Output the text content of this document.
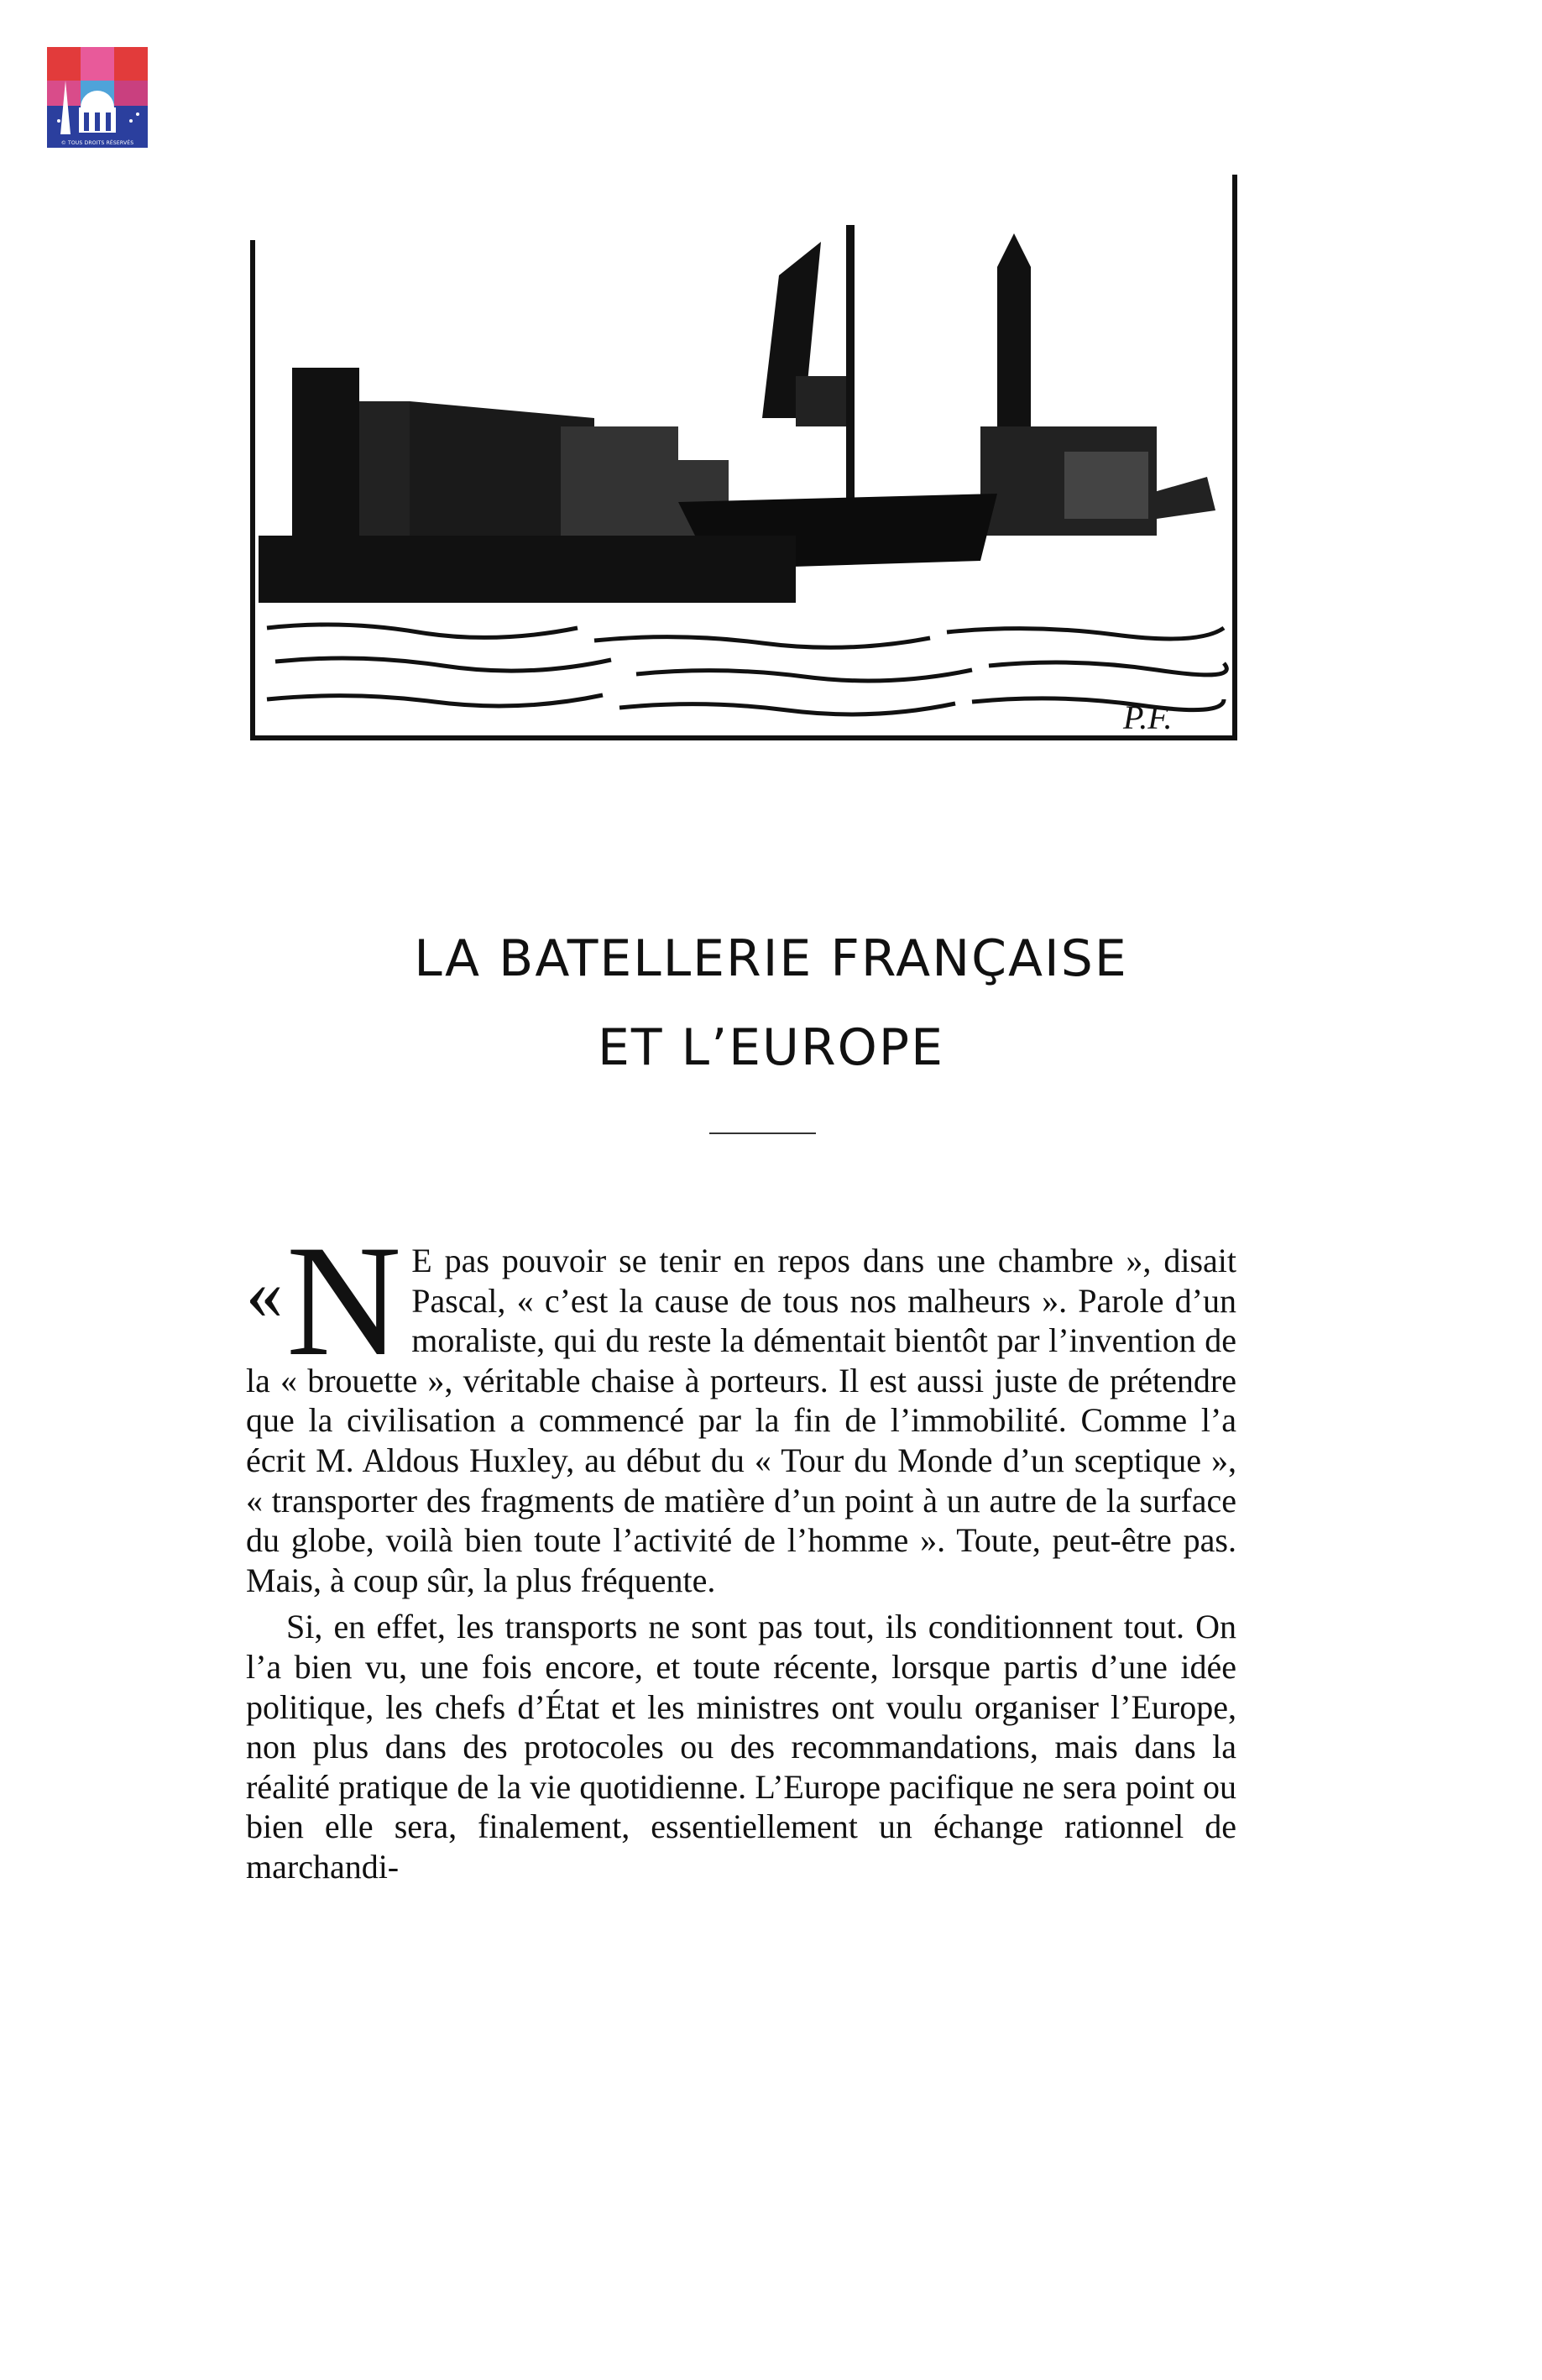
© TOUS DROITS RÉSERVÉS
P.F.
LA BATELLERIE FRANÇAISE
ET L’EUROPE
« N E pas pouvoir se tenir en repos dans une chambre », disait Pascal, « c’est la cause de tous nos malheurs ». Parole d’un moraliste, qui du reste la démentait bientôt par l’invention de la « brouette », véritable chaise à porteurs. Il est aussi juste de prétendre que la civilisation a commencé par la fin de l’immobilité. Comme l’a écrit M. Aldous Huxley, au début du « Tour du Monde d’un sceptique », « transporter des fragments de matière d’un point à un autre de la surface du globe, voilà bien toute l’activité de l’homme ». Toute, peut-être pas. Mais, à coup sûr, la plus fréquente.

Si, en effet, les transports ne sont pas tout, ils conditionnent tout. On l’a bien vu, une fois encore, et toute récente, lorsque partis d’une idée politique, les chefs d’État et les ministres ont voulu organiser l’Europe, non plus dans des protocoles ou des recommandations, mais dans la réalité pratique de la vie quotidienne. L’Europe pacifique ne sera point ou bien elle sera, finalement, essentiellement un échange rationnel de marchandi-
